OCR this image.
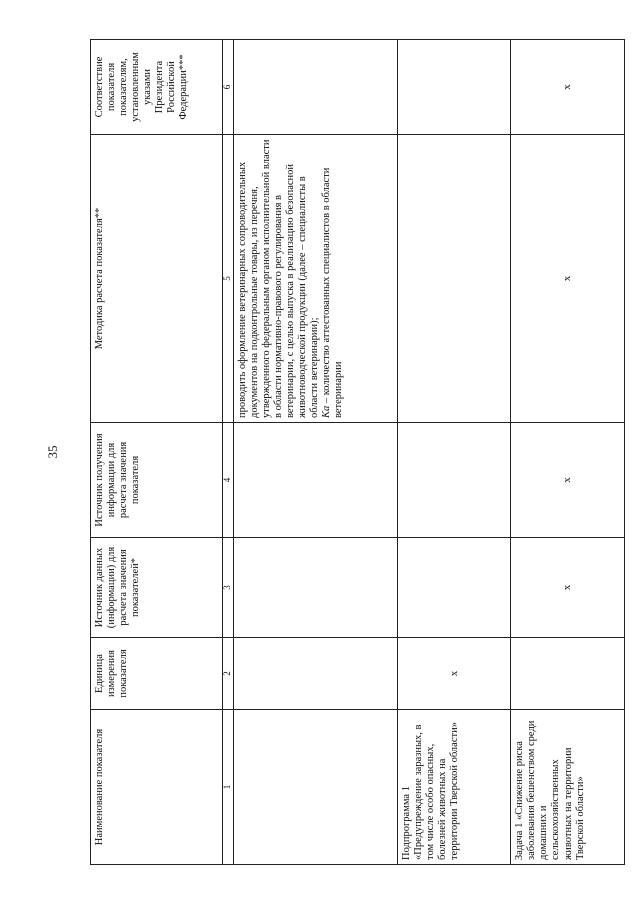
35
Наименование показателя	Единица измерения показателя	Источник данных (информации) для расчета значения показателей*	Источник получения информации для расчета значения показателя	Методика расчета показателя**	Соответствие показателя показателям, установленным указами Президента Российской Федерации***
1	2	3	4	5	6

				проводить оформление ветеринарных сопроводительных документов на подконтрольные товары, из перечня, утвержденного федеральным органом исполнительной власти в области нормативно-правового регулирования в ветеринарии, с целью выпуска в реализацию безопасной животноводческой продукции (далее – специалисты в области ветеринарии); Ка – количество аттестованных специалистов в области ветеринарии	

Подпрограмма 1 «Предупреждение заразных, в том числе особо опасных, болезней животных на территории Тверской области»	х				
Задача 1 «Снижение риска заболевания бешенством среди домашних и сельскохозяйственных животных на территории Тверской области»		х	х	х	х
